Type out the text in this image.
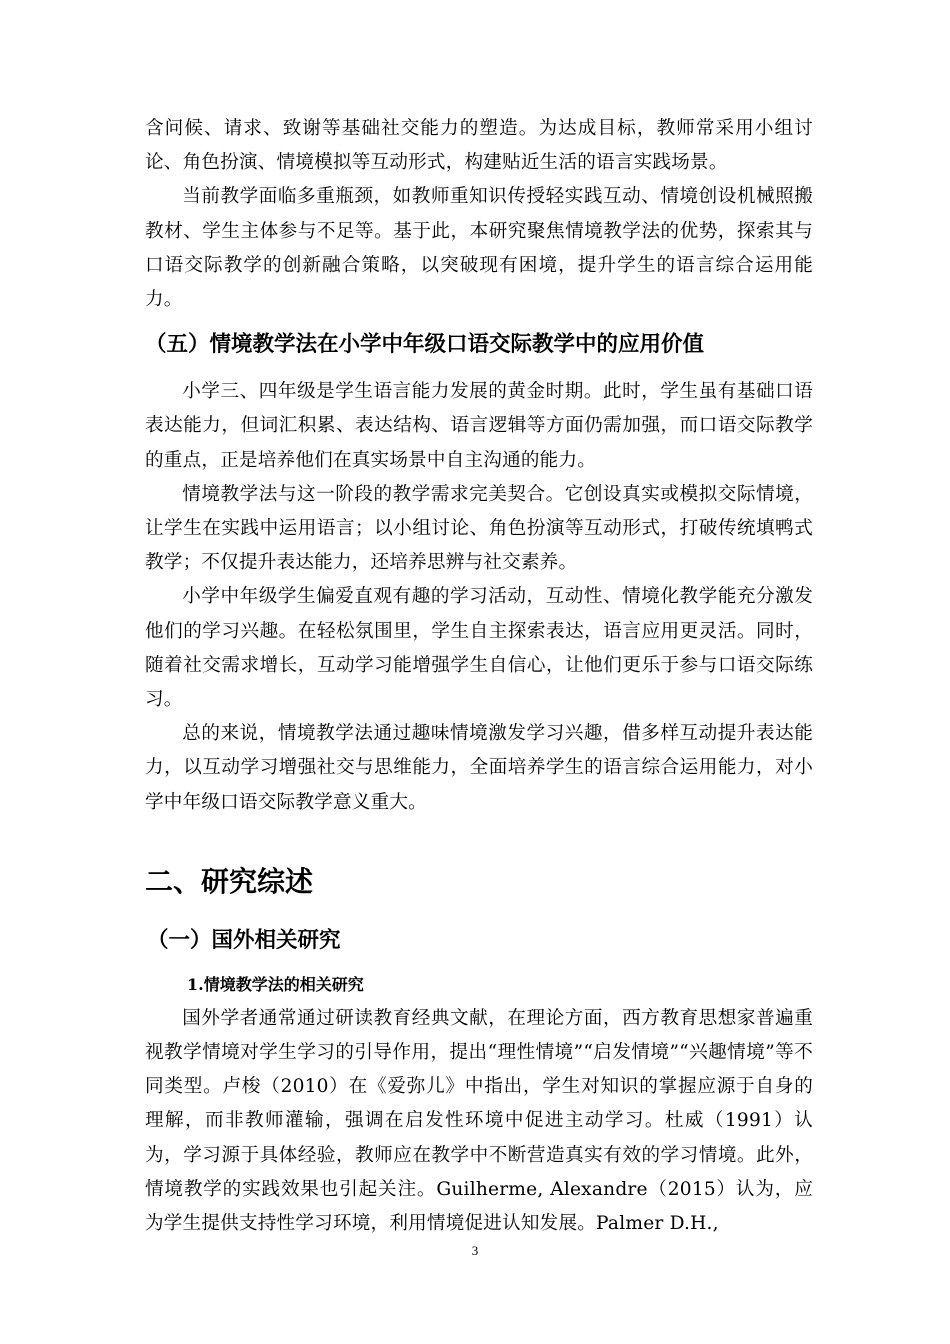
含问候、请求、致谢等基础社交能力的塑造。为达成目标，教师常采用小组讨论、角色扮演、情境模拟等互动形式，构建贴近生活的语言实践场景。

当前教学面临多重瓶颈，如教师重知识传授轻实践互动、情境创设机械照搬教材、学生主体参与不足等。基于此，本研究聚焦情境教学法的优势，探索其与口语交际教学的创新融合策略，以突破现有困境，提升学生的语言综合运用能力。

（五）情境教学法在小学中年级口语交际教学中的应用价值

小学三、四年级是学生语言能力发展的黄金时期。此时，学生虽有基础口语表达能力，但词汇积累、表达结构、语言逻辑等方面仍需加强，而口语交际教学的重点，正是培养他们在真实场景中自主沟通的能力。

情境教学法与这一阶段的教学需求完美契合。它创设真实或模拟交际情境，让学生在实践中运用语言；以小组讨论、角色扮演等互动形式，打破传统填鸭式教学；不仅提升表达能力，还培养思辨与社交素养。

小学中年级学生偏爱直观有趣的学习活动，互动性、情境化教学能充分激发他们的学习兴趣。在轻松氛围里，学生自主探索表达，语言应用更灵活。同时，随着社交需求增长，互动学习能增强学生自信心，让他们更乐于参与口语交际练习。

总的来说，情境教学法通过趣味情境激发学习兴趣，借多样互动提升表达能力，以互动学习增强社交与思维能力，全面培养学生的语言综合运用能力，对小学中年级口语交际教学意义重大。

二、研究综述
（一）国外相关研究
1.情境教学法的相关研究

国外学者通常通过研读教育经典文献，在理论方面，西方教育思想家普遍重视教学情境对学生学习的引导作用，提出“理性情境”“启发情境”“兴趣情境”等不同类型。卢梭（2010）在《爱弥儿》中指出，学生对知识的掌握应源于自身的理解，而非教师灌输，强调在启发性环境中促进主动学习。杜威（1991）认为，学习源于具体经验，教师应在教学中不断营造真实有效的学习情境。此外，情境教学的实践效果也引起关注。Guilherme, Alexandre（2015）认为，应为学生提供支持性学习环境，利用情境促进认知发展。Palmer D.H.,

3
